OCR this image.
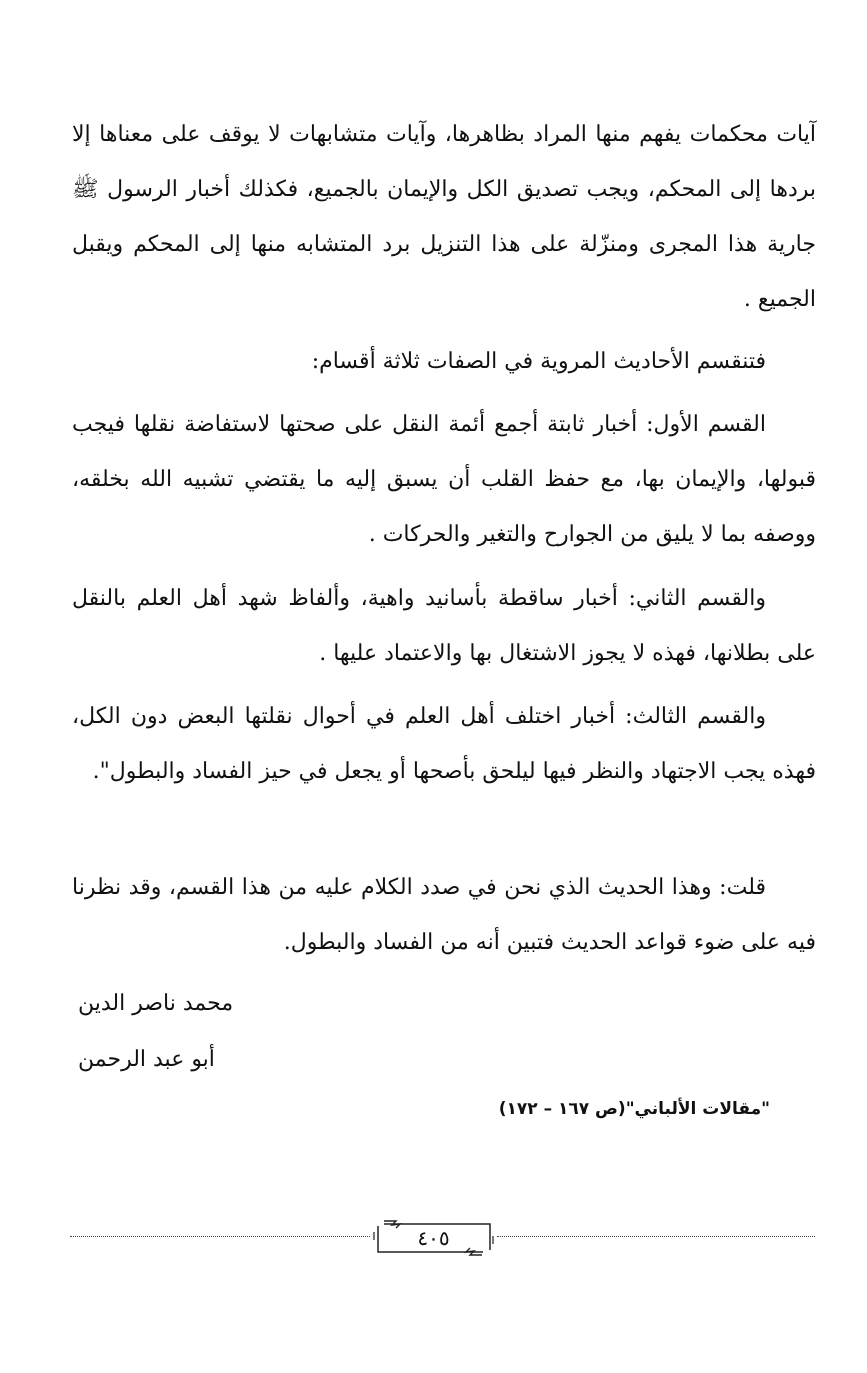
آيات محكمات يفهم منها المراد بظاهرها، وآيات متشابهات لا يوقف على معناها إلا بردها إلى المحكم، ويجب تصديق الكل والإيمان بالجميع، فكذلك أخبار الرسول ﷺ جارية هذا المجرى ومنزّلة على هذا التنزيل برد المتشابه منها إلى المحكم ويقبل الجميع .

فتنقسم الأحاديث المروية في الصفات ثلاثة أقسام:

القسم الأول: أخبار ثابتة أجمع أئمة النقل على صحتها لاستفاضة نقلها فيجب قبولها، والإيمان بها، مع حفظ القلب أن يسبق إليه ما يقتضي تشبيه الله بخلقه، ووصفه بما لا يليق من الجوارح والتغير والحركات .

والقسم الثاني: أخبار ساقطة بأسانيد واهية، وألفاظ شهد أهل العلم بالنقل على بطلانها، فهذه لا يجوز الاشتغال بها والاعتماد عليها .

والقسم الثالث: أخبار اختلف أهل العلم في أحوال نقلتها البعض دون الكل، فهذه يجب الاجتهاد والنظر فيها ليلحق بأصحها أو يجعل في حيز الفساد والبطول".

قلت: وهذا الحديث الذي نحن في صدد الكلام عليه من هذا القسم، وقد نظرنا فيه على ضوء قواعد الحديث فتبين أنه من الفساد والبطول.

محمد ناصر الدين

أبو عبد الرحمن

"مقالات الألباني"(ص ١٦٧ – ١٧٢)
٤٠٥
